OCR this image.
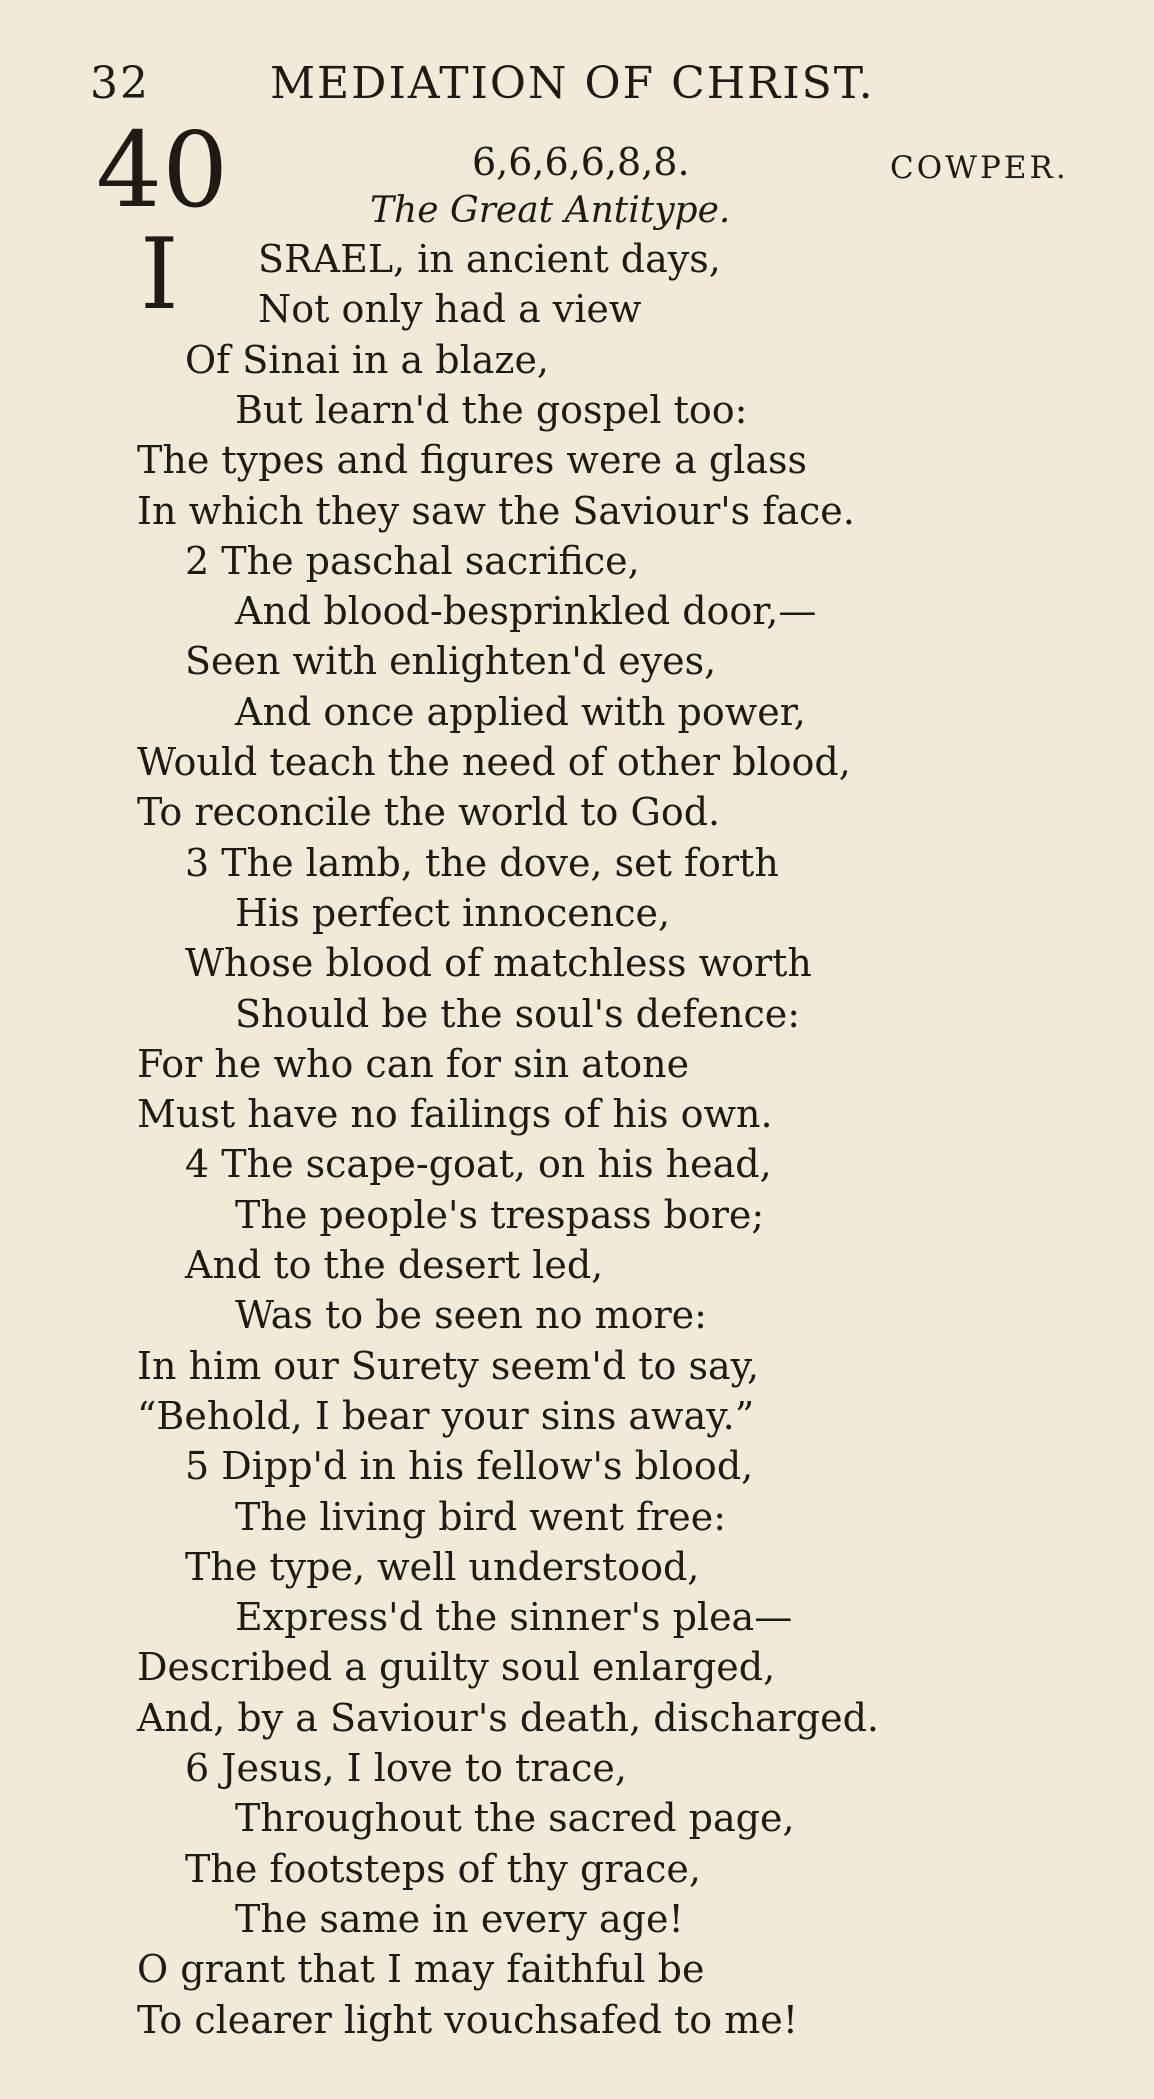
32	MEDIATION OF CHRIST.
40	6,6,6,6,8,8.	COWPER.
The Great Antitype.
I SRAEL, in ancient days,
Not only had a view
Of Sinai in a blaze,
But learn'd the gospel too:
The types and figures were a glass
In which they saw the Saviour's face.
2 The paschal sacrifice,
And blood-besprinkled door,—
Seen with enlighten'd eyes,
And once applied with power,
Would teach the need of other blood,
To reconcile the world to God.
3 The lamb, the dove, set forth
His perfect innocence,
Whose blood of matchless worth
Should be the soul's defence:
For he who can for sin atone
Must have no failings of his own.
4 The scape-goat, on his head,
The people's trespass bore;
And to the desert led,
Was to be seen no more:
In him our Surety seem'd to say,
“Behold, I bear your sins away.”
5 Dipp'd in his fellow's blood,
The living bird went free:
The type, well understood,
Express'd the sinner's plea—
Described a guilty soul enlarged,
And, by a Saviour's death, discharged.
6 Jesus, I love to trace,
Throughout the sacred page,
The footsteps of thy grace,
The same in every age!
O grant that I may faithful be
To clearer light vouchsafed to me!
